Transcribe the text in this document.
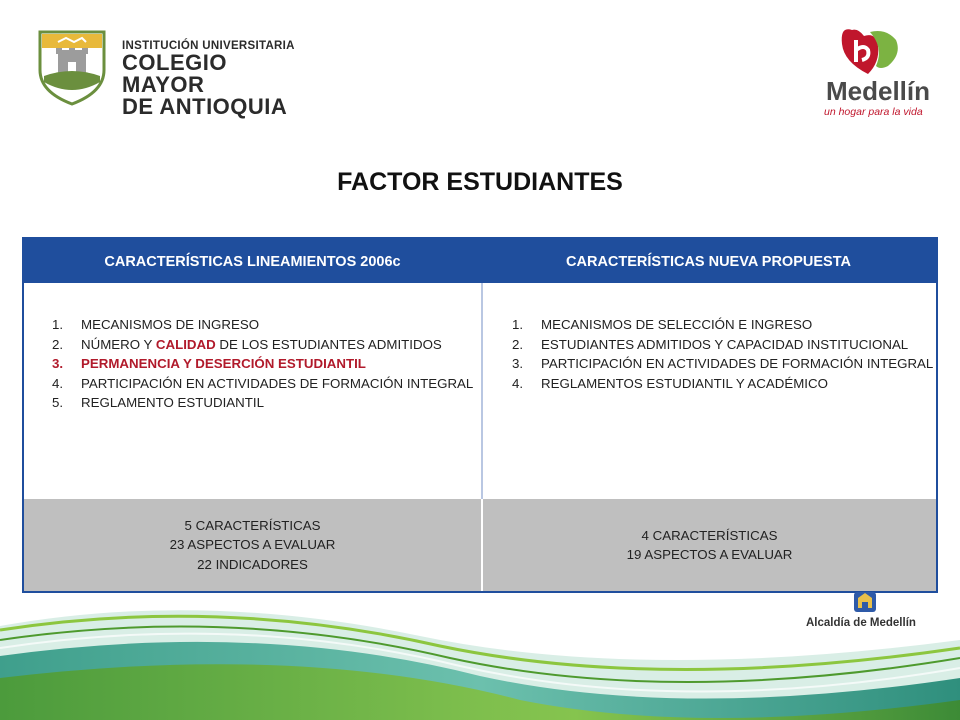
INSTITUCIÓN UNIVERSITARIA
COLEGIO MAYOR
DE ANTIOQUIA
Medellín
un hogar para la vida
FACTOR ESTUDIANTES
CARACTERÍSTICAS LINEAMIENTOS 2006c	CARACTERÍSTICAS NUEVA PROPUESTA
1. MECANISMOS DE INGRESO
2. NÚMERO Y CALIDAD DE LOS ESTUDIANTES ADMITIDOS
3. PERMANENCIA Y DESERCIÓN ESTUDIANTIL
4. PARTICIPACIÓN EN ACTIVIDADES DE FORMACIÓN INTEGRAL
5. REGLAMENTO ESTUDIANTIL
1. MECANISMOS DE SELECCIÓN E INGRESO
2. ESTUDIANTES ADMITIDOS Y CAPACIDAD INSTITUCIONAL
3. PARTICIPACIÓN EN ACTIVIDADES DE FORMACIÓN INTEGRAL
4. REGLAMENTOS ESTUDIANTIL Y ACADÉMICO
5 CARACTERÍSTICAS
23 ASPECTOS A EVALUAR
22 INDICADORES
4 CARACTERÍSTICAS
19 ASPECTOS A EVALUAR
Alcaldía de Medellín
